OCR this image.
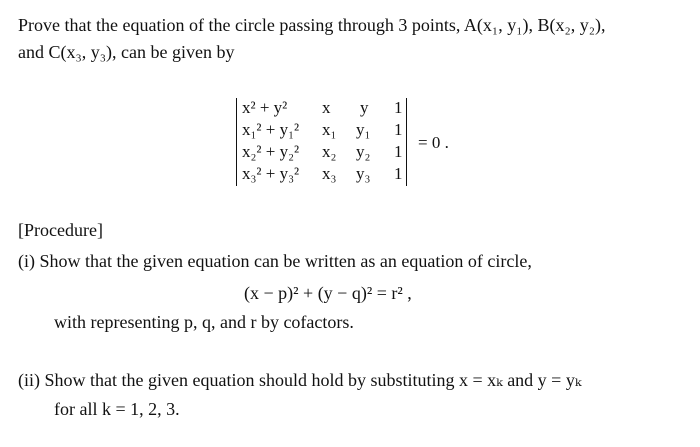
Prove that the equation of the circle passing through 3 points, A(x₁, y₁), B(x₂, y₂),
and C(x₃, y₃), can be given by
x² + y² x y 1
x₁² + y₁² x₁ y₁ 1
x₂² + y₂² x₂ y₂ 1
x₃² + y₃² x₃ y₃ 1
= 0 .
[Procedure]
(i) Show that the given equation can be written as an equation of circle,
(x − p)² + (y − q)² = r² ,
with representing p, q, and r by cofactors.
(ii) Show that the given equation should hold by substituting x = xₖ and y = yₖ
for all k = 1, 2, 3.
